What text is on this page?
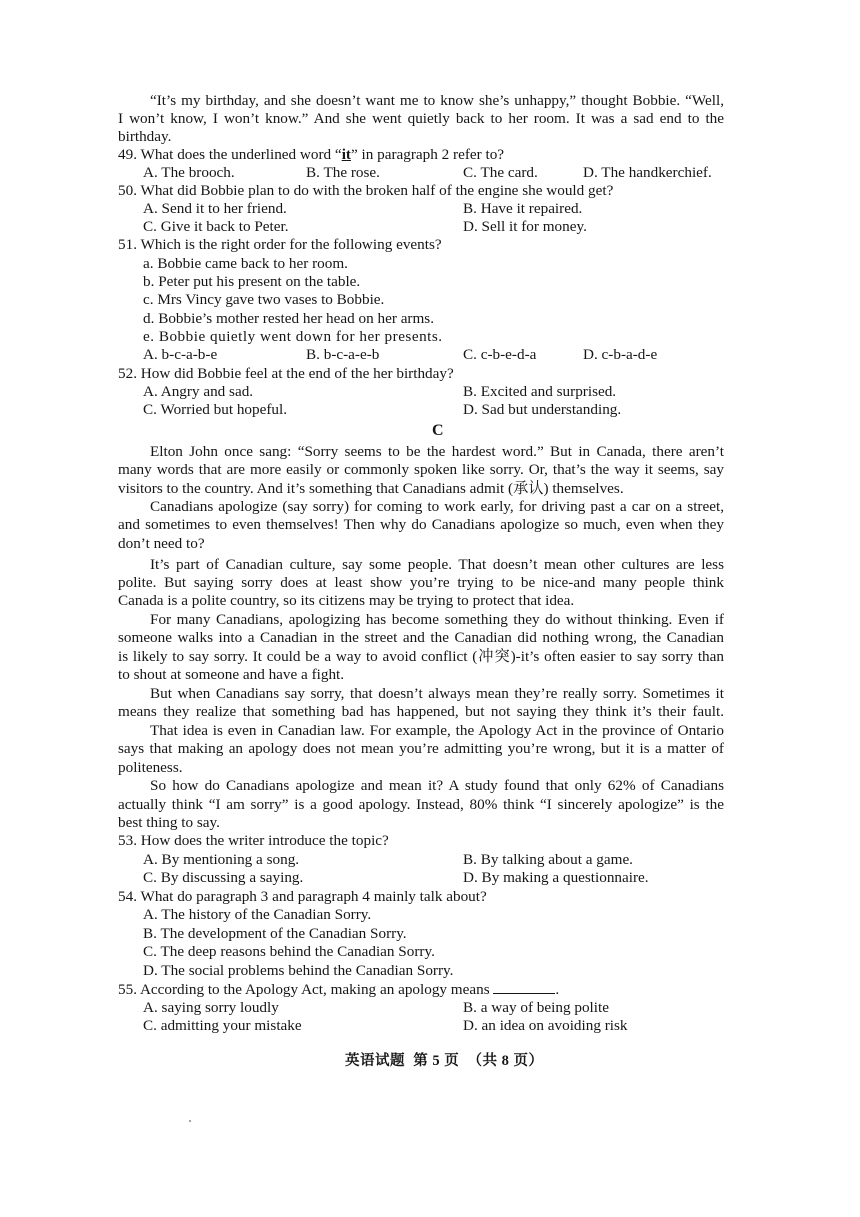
“It’s my birthday, and she doesn’t want me to know she’s unhappy,” thought Bobbie. “Well,
I won’t know, I won’t know.” And she went quietly back to her room. It was a sad end to the
birthday.
49. What does the underlined word “it” in paragraph 2 refer to?
A. The brooch.	B. The rose.	C. The card.	D. The handkerchief.
50. What did Bobbie plan to do with the broken half of the engine she would get?
A. Send it to her friend.	B. Have it repaired.
C. Give it back to Peter.	D. Sell it for money.
51. Which is the right order for the following events?
a. Bobbie came back to her room.
b. Peter put his present on the table.
c. Mrs Vincy gave two vases to Bobbie.
d. Bobbie’s mother rested her head on her arms.
e. Bobbie quietly went down for her presents.
A. b-c-a-b-e	B. b-c-a-e-b	C. c-b-e-d-a	D. c-b-a-d-e
52. How did Bobbie feel at the end of the her birthday?
A. Angry and sad.	B. Excited and surprised.
C. Worried but hopeful.	D. Sad but understanding.
C
Elton John once sang: “Sorry seems to be the hardest word.” But in Canada, there aren’t
many words that are more easily or commonly spoken like sorry. Or, that’s the way it seems, say
visitors to the country. And it’s something that Canadians admit (承认) themselves.
Canadians apologize (say sorry) for coming to work early, for driving past a car on a street,
and sometimes to even themselves! Then why do Canadians apologize so much, even when they
don’t need to?
It’s part of Canadian culture, say some people. That doesn’t mean other cultures are less
polite. But saying sorry does at least show you’re trying to be nice-and many people think
Canada is a polite country, so its citizens may be trying to protect that idea.
For many Canadians, apologizing has become something they do without thinking. Even if
someone walks into a Canadian in the street and the Canadian did nothing wrong, the Canadian
is likely to say sorry. It could be a way to avoid conflict (冲突)-it’s often easier to say sorry than
to shout at someone and have a fight.
But when Canadians say sorry, that doesn’t always mean they’re really sorry. Sometimes it
means they realize that something bad has happened, but not saying they think it’s their fault.
That idea is even in Canadian law. For example, the Apology Act in the province of Ontario
says that making an apology does not mean you’re admitting you’re wrong, but it is a matter of
politeness.
So how do Canadians apologize and mean it? A study found that only 62% of Canadians
actually think “I am sorry” is a good apology. Instead, 80% think “I sincerely apologize” is the
best thing to say.
53. How does the writer introduce the topic?
A. By mentioning a song.	B. By talking about a game.
C. By discussing a saying.	D. By making a questionnaire.
54. What do paragraph 3 and paragraph 4 mainly talk about?
A. The history of the Canadian Sorry.
B. The development of the Canadian Sorry.
C. The deep reasons behind the Canadian Sorry.
D. The social problems behind the Canadian Sorry.
55. According to the Apology Act, making an apology means	.
A. saying sorry loudly	B. a way of being polite
C. admitting your mistake	D. an idea on avoiding risk
英语试题  第 5 页  （共 8 页）
